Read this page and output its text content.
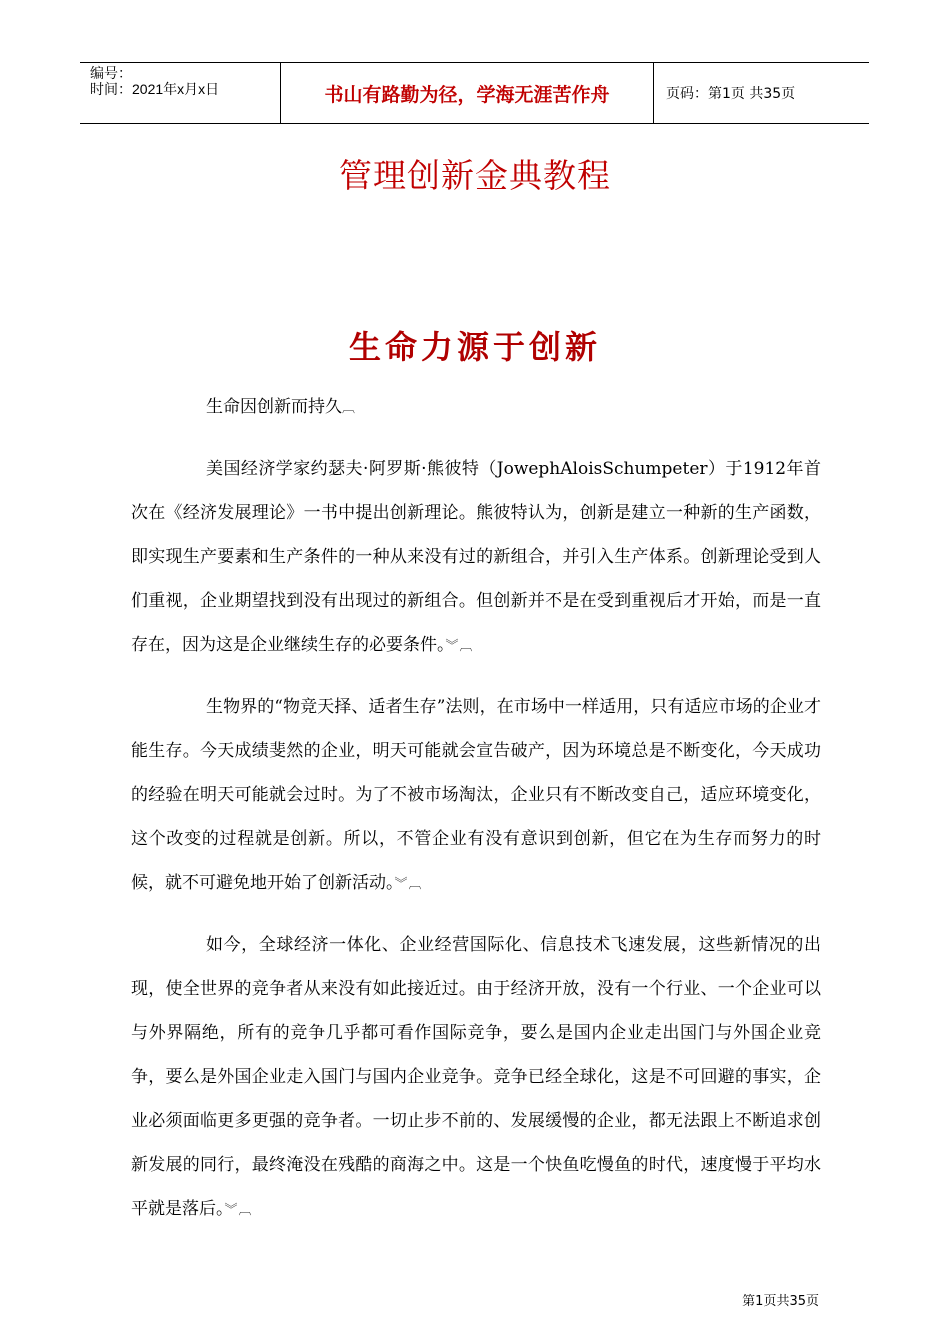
编号：
时间：2021年x月x日	书山有路勤为径，学海无涯苦作舟	页码：第1页 共35页
管理创新金典教程
生命力源于创新

生命因创新而持久︹

美国经济学家约瑟夫·阿罗斯·熊彼特（JowephAloisSchumpeter）于1912年首次在《经济发展理论》一书中提出创新理论。熊彼特认为，创新是建立一种新的生产函数，即实现生产要素和生产条件的一种从来没有过的新组合，并引入生产体系。创新理论受到人们重视，企业期望找到没有出现过的新组合。但创新并不是在受到重视后才开始，而是一直存在，因为这是企业继续生存的必要条件。︾︹

生物界的“物竞天择、适者生存”法则，在市场中一样适用，只有适应市场的企业才能生存。今天成绩斐然的企业，明天可能就会宣告破产，因为环境总是不断变化，今天成功的经验在明天可能就会过时。为了不被市场淘汰，企业只有不断改变自己，适应环境变化，这个改变的过程就是创新。所以，不管企业有没有意识到创新，但它在为生存而努力的时候，就不可避免地开始了创新活动。︾︹

如今，全球经济一体化、企业经营国际化、信息技术飞速发展，这些新情况的出现，使全世界的竞争者从来没有如此接近过。由于经济开放，没有一个行业、一个企业可以与外界隔绝，所有的竞争几乎都可看作国际竞争，要么是国内企业走出国门与外国企业竞争，要么是外国企业走入国门与国内企业竞争。竞争已经全球化，这是不可回避的事实，企业必须面临更多更强的竞争者。一切止步不前的、发展缓慢的企业，都无法跟上不断追求创新发展的同行，最终淹没在残酷的商海之中。这是一个快鱼吃慢鱼的时代，速度慢于平均水平就是落后。︾︹

第1页共35页
